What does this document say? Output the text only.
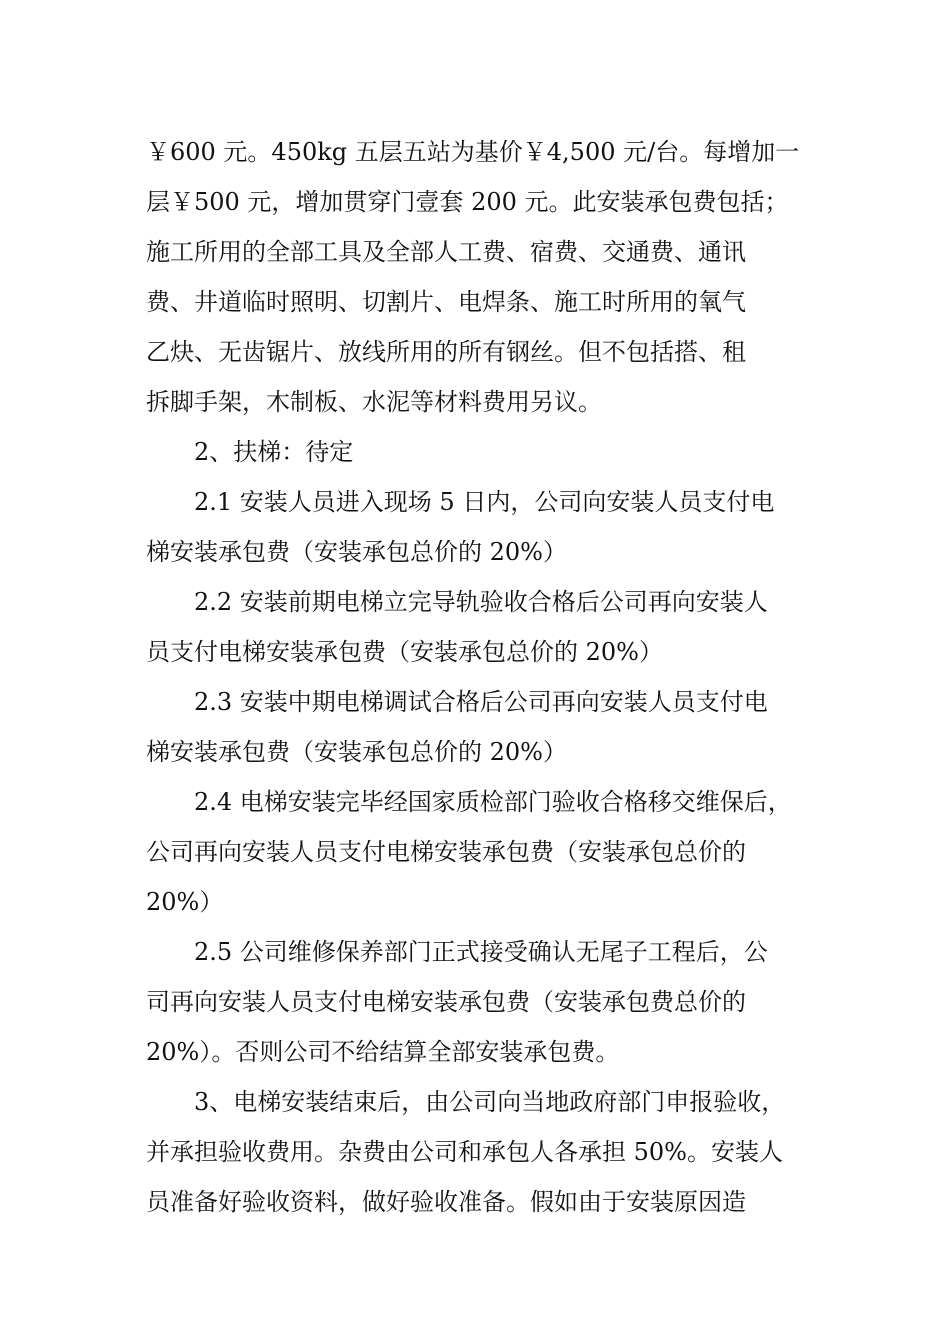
￥600 元。450kg 五层五站为基价￥4,500 元/台。每增加一
层￥500 元，增加贯穿门壹套 200 元。此安装承包费包括；
施工所用的全部工具及全部人工费、宿费、交通费、通讯
费、井道临时照明、切割片、电焊条、施工时所用的氧气
乙炔、无齿锯片、放线所用的所有钢丝。但不包括搭、租
拆脚手架，木制板、水泥等材料费用另议。
2、扶梯：待定
2.1 安装人员进入现场 5 日内，公司向安装人员支付电
梯安装承包费（安装承包总价的 20%）
2.2 安装前期电梯立完导轨验收合格后公司再向安装人
员支付电梯安装承包费（安装承包总价的 20%）
2.3 安装中期电梯调试合格后公司再向安装人员支付电
梯安装承包费（安装承包总价的 20%）
2.4 电梯安装完毕经国家质检部门验收合格移交维保后，
公司再向安装人员支付电梯安装承包费（安装承包总价的
20%）
2.5 公司维修保养部门正式接受确认无尾子工程后，公
司再向安装人员支付电梯安装承包费（安装承包费总价的
20%）。否则公司不给结算全部安装承包费。
3、电梯安装结束后，由公司向当地政府部门申报验收，
并承担验收费用。杂费由公司和承包人各承担 50%。安装人
员准备好验收资料，做好验收准备。假如由于安装原因造
